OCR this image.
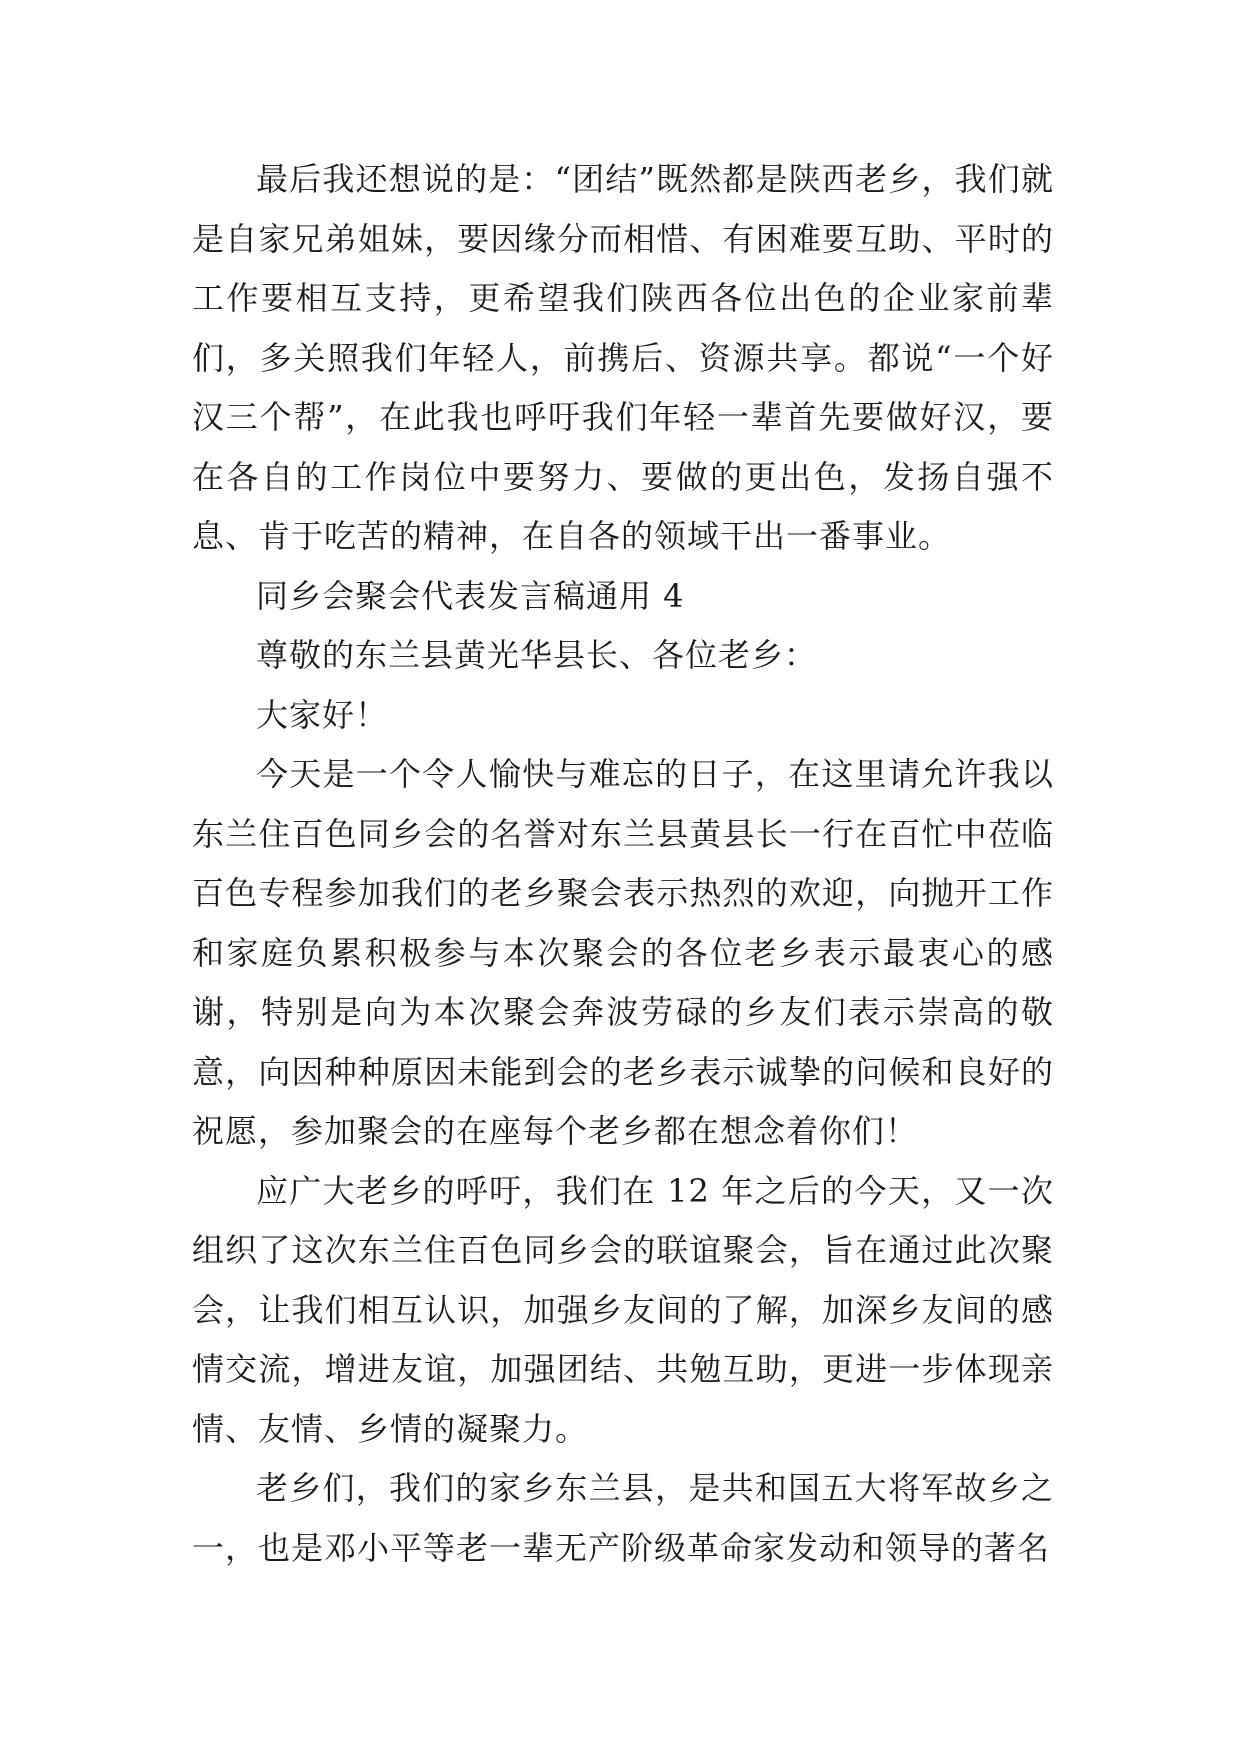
最后我还想说的是：“团结”既然都是陕西老乡，我们就是自家兄弟姐妹，要因缘分而相惜、有困难要互助、平时的工作要相互支持，更希望我们陕西各位出色的企业家前辈们，多关照我们年轻人，前携后、资源共享。都说“一个好汉三个帮”，在此我也呼吁我们年轻一辈首先要做好汉，要在各自的工作岗位中要努力、要做的更出色，发扬自强不息、肯于吃苦的精神，在自各的领域干出一番事业。

同乡会聚会代表发言稿通用 4

尊敬的东兰县黄光华县长、各位老乡：

大家好！

今天是一个令人愉快与难忘的日子，在这里请允许我以东兰住百色同乡会的名誉对东兰县黄县长一行在百忙中莅临百色专程参加我们的老乡聚会表示热烈的欢迎，向抛开工作和家庭负累积极参与本次聚会的各位老乡表示最衷心的感谢，特别是向为本次聚会奔波劳碌的乡友们表示崇高的敬意，向因种种原因未能到会的老乡表示诚挚的问候和良好的祝愿，参加聚会的在座每个老乡都在想念着你们！

应广大老乡的呼吁，我们在 12 年之后的今天，又一次组织了这次东兰住百色同乡会的联谊聚会，旨在通过此次聚会，让我们相互认识，加强乡友间的了解，加深乡友间的感情交流，增进友谊，加强团结、共勉互助，更进一步体现亲情、友情、乡情的凝聚力。

老乡们，我们的家乡东兰县，是共和国五大将军故乡之一，也是邓小平等老一辈无产阶级革命家发动和领导的著名
